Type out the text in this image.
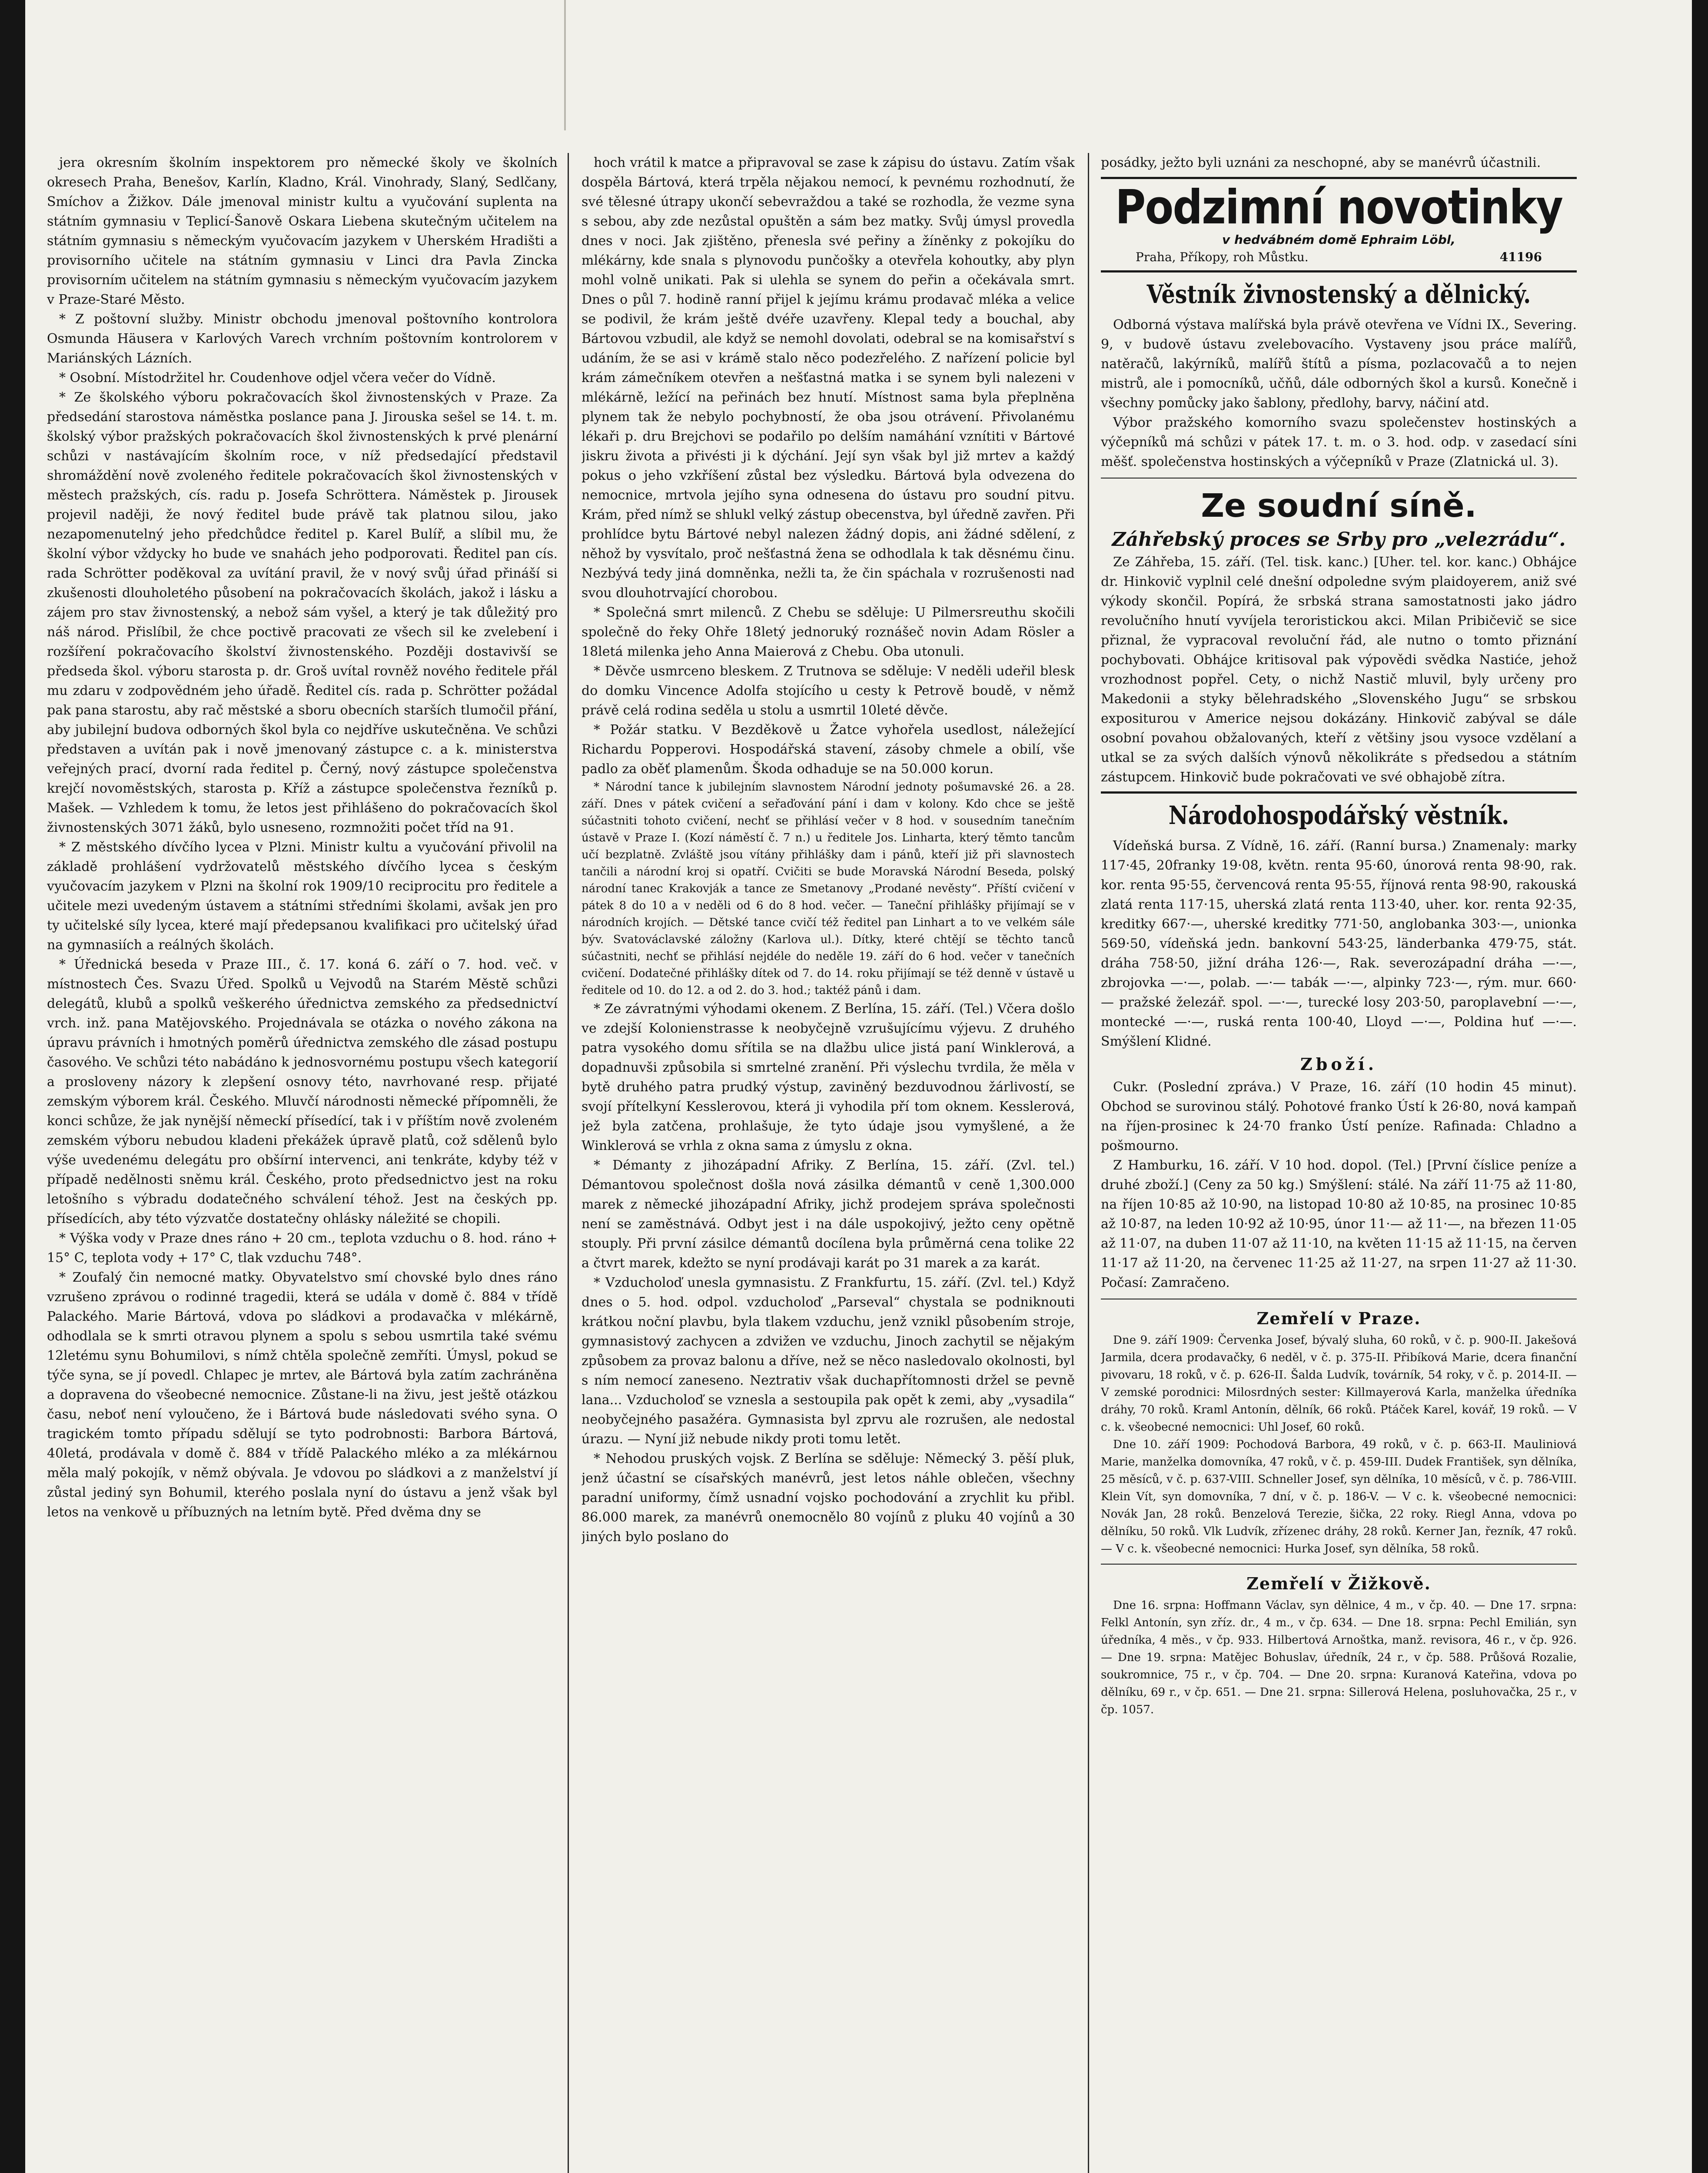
jera okresním školním inspektorem pro německé školy ve školních okresech Praha, Benešov, Karlín, Kladno, Král. Vinohrady, Slaný, Sedlčany, Smíchov a Žižkov. Dále jmenoval ministr kultu a vyučování suplenta na státním gymnasiu v Teplicí-Šanově Oskara Liebena skutečným učitelem na státním gymnasiu s německým vyučovacím jazykem v Uherském Hradišti a provisorního učitele na státním gymnasiu v Linci dra Pavla Zincka provisorním učitelem na státním gymnasiu s německým vyučovacím jazykem v Praze-Staré Město.

* Z poštovní služby. Ministr obchodu jmenoval poštovního kontrolora Osmunda Häusera v Karlových Varech vrchním poštovním kontrolorem v Mariánských Lázních.

* Osobní. Místodržitel hr. Coudenhove odjel včera večer do Vídně.

* Ze školského výboru pokračovacích škol živnostenských v Praze. Za předsedání starostova náměstka poslance pana J. Jirouska sešel se 14. t. m. školský výbor pražských pokračovacích škol živnostenských k prvé plenární schůzi v nastávajícím školním roce, v níž předsedající představil shromáždění nově zvoleného ředitele pokračovacích škol živnostenských v městech pražských, cís. radu p. Josefa Schröttera. Náměstek p. Jirousek projevil naději, že nový ředitel bude právě tak platnou silou, jako nezapomenutelný jeho předchůdce ředitel p. Karel Bulíř, a slíbil mu, že školní výbor vždycky ho bude ve snahách jeho podporovati. Ředitel pan cís. rada Schrötter poděkoval za uvítání pravil, že v nový svůj úřad přináší si zkušenosti dlouholetého působení na pokračovacích školách, jakož i lásku a zájem pro stav živnostenský, a nebož sám vyšel, a který je tak důležitý pro náš národ. Přislíbil, že chce poctivě pracovati ze všech sil ke zvelebení i rozšíření pokračovacího školství živnostenského. Později dostavivší se předseda škol. výboru starosta p. dr. Groš uvítal rovněž nového ředitele přál mu zdaru v zodpovědném jeho úřadě. Ředitel cís. rada p. Schrötter požádal pak pana starostu, aby rač městské a sboru obecních starších tlumočil přání, aby jubilejní budova odborných škol byla co nejdříve uskutečněna. Ve schůzi představen a uvítán pak i nově jmenovaný zástupce c. a k. ministerstva veřejných prací, dvorní rada ředitel p. Černý, nový zástupce společenstva krejčí novoměstských, starosta p. Kříž a zástupce společenstva řezníků p. Mašek. — Vzhledem k tomu, že letos jest přihlášeno do pokračovacích škol živnostenských 3071 žáků, bylo usneseno, rozmnožiti počet tříd na 91.

* Z městského dívčího lycea v Plzni. Ministr kultu a vyučování přivolil na základě prohlášení vydržovatelů městského dívčího lycea s českým vyučovacím jazykem v Plzni na školní rok 1909/10 reciprocitu pro ředitele a učitele mezi uvedeným ústavem a státními středními školami, avšak jen pro ty učitelské síly lycea, které mají předepsanou kvalifikaci pro učitelský úřad na gymnasiích a reálných školách.

* Úřednická beseda v Praze III., č. 17. koná 6. září o 7. hod. več. v místnostech Čes. Svazu Úřed. Spolků u Vejvodů na Starém Městě schůzi delegátů, klubů a spolků veškerého úřednictva zemského za předsednictví vrch. inž. pana Matějovského. Projednávala se otázka o nového zákona na úpravu právních i hmotných poměrů úřednictva zemského dle zásad postupu časového. Ve schůzi této nabádáno k jednosvornému postupu všech kategorií a prosloveny názory k zlepšení osnovy této, navrhované resp. přijaté zemským výborem král. Českého. Mluvčí národnosti německé přípomněli, že konci schůze, že jak nynější německí přísedící, tak i v příštím nově zvoleném zemském výboru nebudou kladeni překážek úpravě platů, což sdělenů bylo výše uvedenému delegátu pro obšírní intervenci, ani tenkráte, kdyby též v případě nedělnosti sněmu král. Českého, proto předsednictvo jest na roku letošního s výbradu dodatečného schválení téhož. Jest na českých pp. přísedících, aby této výzvatče dostatečny ohlásky náležité se chopili.

* Výška vody v Praze dnes ráno + 20 cm., teplota vzduchu o 8. hod. ráno + 15° C, teplota vody + 17° C, tlak vzduchu 748°.

* Zoufalý čin nemocné matky. Obyvatelstvo smí chovské bylo dnes ráno vzrušeno zprávou o rodinné tragedii, která se udála v domě č. 884 v třídě Palackého. Marie Bártová, vdova po sládkovi a prodavačka v mlékárně, odhodlala se k smrti otravou plynem a spolu s sebou usmrtila také svému 12letému synu Bohumilovi, s nímž chtěla společně zemříti. Úmysl, pokud se týče syna, se jí povedl. Chlapec je mrtev, ale Bártová byla zatím zachráněna a dopravena do všeobecné nemocnice. Zůstane-li na živu, jest ještě otázkou času, neboť není vyloučeno, že i Bártová bude následovati svého syna. O tragickém tomto případu sdělují se tyto podrobnosti: Barbora Bártová, 40letá, prodávala v domě č. 884 v třídě Palackého mléko a za mlékárnou měla malý pokojík, v němž obývala. Je vdovou po sládkovi a z manželství jí zůstal jediný syn Bohumil, kterého poslala nyní do ústavu a jenž však byl letos na venkově u příbuzných na letním bytě. Před dvěma dny se

hoch vrátil k matce a připravoval se zase k zápisu do ústavu. Zatím však dospěla Bártová, která trpěla nějakou nemocí, k pevnému rozhodnutí, že své tělesné útrapy ukončí sebevraždou a také se rozhodla, že vezme syna s sebou, aby zde nezůstal opuštěn a sám bez matky. Svůj úmysl provedla dnes v noci. Jak zjištěno, přenesla své peřiny a žíněnky z pokojíku do mlékárny, kde snala s plynovodu punčošky a otevřela kohoutky, aby plyn mohl volně unikati. Pak si ulehla se synem do peřin a očekávala smrt. Dnes o půl 7. hodině ranní přijel k jejímu krámu prodavač mléka a velice se podivil, že krám ještě dvéře uzavřeny. Klepal tedy a bouchal, aby Bártovou vzbudil, ale když se nemohl dovolati, odebral se na komisařství s udáním, že se asi v krámě stalo něco podezřelého. Z nařízení policie byl krám zámečníkem otevřen a nešťastná matka i se synem byli nalezeni v mlékárně, ležící na peřinách bez hnutí. Místnost sama byla přeplněna plynem tak že nebylo pochybností, že oba jsou otrávení. Přivolanému lékaři p. dru Brejchovi se podařilo po delším namáhání vznítiti v Bártové jiskru života a přivésti ji k dýchání. Její syn však byl již mrtev a každý pokus o jeho vzkříšení zůstal bez výsledku. Bártová byla odvezena do nemocnice, mrtvola jejího syna odnesena do ústavu pro soudní pitvu. Krám, před nímž se shlukl velký zástup obecenstva, byl úředně zavřen. Při prohlídce bytu Bártové nebyl nalezen žádný dopis, ani žádné sdělení, z něhož by vysvítalo, proč nešťastná žena se odhodlala k tak děsnému činu. Nezbývá tedy jiná domněnka, nežli ta, že čin spáchala v rozrušenosti nad svou dlouhotrvající chorobou.

* Společná smrt milenců. Z Chebu se sděluje: U Pilmersreuthu skočili společně do řeky Ohře 18letý jednoruký roznášeč novin Adam Rösler a 18letá milenka jeho Anna Maierová z Chebu. Oba utonuli.

* Děvče usmrceno bleskem. Z Trutnova se sděluje: V neděli udeřil blesk do domku Vincence Adolfa stojícího u cesty k Petrově boudě, v němž právě celá rodina seděla u stolu a usmrtil 10leté děvče.

* Požár statku. V Bezděkově u Žatce vyhořela usedlost, náležející Richardu Popperovi. Hospodářská stavení, zásoby chmele a obilí, vše padlo za oběť plamenům. Škoda odhaduje se na 50.000 korun.

* Národní tance k jubilejním slavnostem Národní jednoty pošumavské 26. a 28. září. Dnes v pátek cvičení a seřaďování pání i dam v kolony. Kdo chce se ještě súčastniti tohoto cvičení, nechť se přihlásí večer v 8 hod. v sousedním tanečním ústavě v Praze I. (Kozí náměstí č. 7 n.) u ředitele Jos. Linharta, který těmto tancům učí bezplatně. Zvláště jsou vítány přihlášky dam i pánů, kteří již při slavnostech tančili a národní kroj si opatří. Cvičiti se bude Moravská Národní Beseda, polský národní tanec Krakovják a tance ze Smetanovy „Prodané nevěsty“. Příští cvičení v pátek 8 do 10 a v neděli od 6 do 8 hod. večer. — Taneční přihlášky přijímají se v národních krojích. — Dětské tance cvičí též ředitel pan Linhart a to ve velkém sále býv. Svatováclavské záložny (Karlova ul.). Dítky, které chtějí se těchto tanců súčastniti, nechť se přihlásí nejdéle do neděle 19. září do 6 hod. večer v tanečních cvičení. Dodatečné přihlášky dítek od 7. do 14. roku přijímají se též denně v ústavě u ředitele od 10. do 12. a od 2. do 3. hod.; taktéž pánů i dam.

* Ze závratnými výhodami okenem. Z Berlína, 15. září. (Tel.) Včera došlo ve zdejší Kolonienstrasse k neobyčejně vzrušujícímu výjevu. Z druhého patra vysokého domu sřítila se na dlažbu ulice jistá paní Winklerová, a dopadnuvši způsobila si smrtelné zranění. Při výslechu tvrdila, že měla v bytě druhého patra prudký výstup, zaviněný bezduvodnou žárlivostí, se svojí přítelkyní Kesslerovou, která ji vyhodila pří tom oknem. Kesslerová, jež byla zatčena, prohlašuje, že tyto údaje jsou vymyšlené, a že Winklerová se vrhla z okna sama z úmyslu z okna.

* Démanty z jihozápadní Afriky. Z Berlína, 15. září. (Zvl. tel.) Démantovou společnost došla nová zásilka démantů v ceně 1,300.000 marek z německé jihozápadní Afriky, jichž prodejem správa společnosti není se zaměstnává. Odbyt jest i na dále uspokojivý, ježto ceny opětně stouply. Při první zásilce démantů docílena byla průměrná cena tolike 22 a čtvrt marek, kdežto se nyní prodávaji karát po 31 marek a za karát.

* Vzducholoď unesla gymnasistu. Z Frankfurtu, 15. září. (Zvl. tel.) Když dnes o 5. hod. odpol. vzducholoď „Parseval“ chystala se podniknouti krátkou noční plavbu, byla tlakem vzduchu, jenž vznikl působením stroje, gymnasistový zachycen a zdvižen ve vzduchu, Jinoch zachytil se nějakým způsobem za provaz balonu a dříve, než se něco nasledovalo okolnosti, byl s ním nemocí zaneseno. Neztrativ však duchapřítomnosti držel se pevně lana... Vzducholoď se vznesla a sestoupila pak opět k zemi, aby „vysadila“ neobyčejného pasažéra. Gymnasista byl zprvu ale rozrušen, ale nedostal úrazu. — Nyní již nebude nikdy proti tomu letět.

* Nehodou pruských vojsk. Z Berlína se sděluje: Německý 3. pěší pluk, jenž účastní se císařských manévrů, jest letos náhle oblečen, všechny paradní uniformy, čímž usnadní vojsko pochodování a zrychlit ku přibl. 86.000 marek, za manévrů onemocnělo 80 vojínů z pluku 40 vojínů a 30 jiných bylo poslano do

posádky, ježto byli uznáni za neschopné, aby se manévrů účastnili.

Podzimní novotinky
v hedvábném domě Ephraim Löbl,
Praha, Příkopy, roh Můstku.	41196
Věstník živnostenský a dělnický.

Odborná výstava malířská byla právě otevřena ve Vídni IX., Severing. 9, v budově ústavu zvelebovacího. Vystaveny jsou práce malířů, natěračů, lakýrníků, malířů štítů a písma, pozlacovačů a to nejen mistrů, ale i pomocníků, učňů, dále odborných škol a kursů. Konečně i všechny pomůcky jako šablony, předlohy, barvy, náčiní atd.

Výbor pražského komorního svazu společenstev hostinských a výčepníků má schůzi v pátek 17. t. m. o 3. hod. odp. v zasedací síni měšť. společenstva hostinských a výčepníků v Praze (Zlatnická ul. 3).

Ze soudní síně.
Záhřebský proces se Srby pro „velezrádu“.

Ze Záhřeba, 15. září. (Tel. tisk. kanc.) [Uher. tel. kor. kanc.) Obhájce dr. Hinkovič vyplnil celé dnešní odpoledne svým plaidoyerem, aniž své výkody skončil. Popírá, že srbská strana samostatnosti jako jádro revolučního hnutí vyvíjela teroristickou akci. Milan Pribičevič se sice přiznal, že vypracoval revoluční řád, ale nutno o tomto přiznání pochybovati. Obhájce kritisoval pak výpovědi svědka Nastiće, jehož vrozhodnost popřel. Cety, o nichž Nastič mluvil, byly určeny pro Makedonii a styky bělehradského „Slovenského Jugu“ se srbskou expositurou v Americe nejsou dokázány. Hinkovič zabýval se dále osobní povahou obžalovaných, kteří z většiny jsou vysoce vzdělaní a utkal se za svých dalších výnovů několikráte s předsedou a státním zástupcem. Hinkovič bude pokračovati ve své obhajobě zítra.

Národohospodářský věstník.

Vídeňská bursa. Z Vídně, 16. září. (Ranní bursa.) Znamenaly: marky 117·45, 20franky 19·08, květn. renta 95·60, únorová renta 98·90, rak. kor. renta 95·55, červencová renta 95·55, říjnová renta 98·90, rakouská zlatá renta 117·15, uherská zlatá renta 113·40, uher. kor. renta 92·35, kreditky 667·—, uherské kreditky 771·50, anglobanka 303·—, unionka 569·50, vídeňská jedn. bankovní 543·25, länderbanka 479·75, stát. dráha 758·50, jižní dráha 126·—, Rak. severozápadní dráha —·—, zbrojovka —·—, polab. —·— tabák —·—, alpinky 723·—, rým. mur. 660·— pražské železář. spol. —·—, turecké losy 203·50, paroplavební —·—, montecké —·—, ruská renta 100·40, Lloyd —·—, Poldina huť —·—. Smýšlení Klidné.

Zboží.

Cukr. (Poslední zpráva.) V Praze, 16. září (10 hodin 45 minut). Obchod se surovinou stálý. Pohotové franko Ústí k 26·80, nová kampaň na říjen-prosinec k 24·70 franko Ústí peníze. Rafinada: Chladno a pošmourno.

Z Hamburku, 16. září. V 10 hod. dopol. (Tel.) [První číslice peníze a druhé zboží.] (Ceny za 50 kg.) Smýšlení: stálé. Na září 11·75 až 11·80, na říjen 10·85 až 10·90, na listopad 10·80 až 10·85, na prosinec 10·85 až 10·87, na leden 10·92 až 10·95, únor 11·— až 11·—, na březen 11·05 až 11·07, na duben 11·07 až 11·10, na květen 11·15 až 11·15, na červen 11·17 až 11·20, na červenec 11·25 až 11·27, na srpen 11·27 až 11·30. Počasí: Zamračeno.

Zemřelí v Praze.

Dne 9. září 1909: Červenka Josef, bývalý sluha, 60 roků, v č. p. 900-II. Jakešová Jarmila, dcera prodavačky, 6 neděl, v č. p. 375-II. Přibíková Marie, dcera finanční pivovaru, 18 roků, v č. p. 626-II. Šalda Ludvík, továrník, 54 roky, v č. p. 2014-II. — V zemské porodnici: Milosrdných sester: Killmayerová Karla, manželka úředníka dráhy, 70 roků. Kraml Antonín, dělník, 66 roků. Ptáček Karel, kovář, 19 roků. — V c. k. všeobecné nemocnici: Uhl Josef, 60 roků.

Dne 10. září 1909: Pochodová Barbora, 49 roků, v č. p. 663-II. Mauliniová Marie, manželka domovníka, 47 roků, v č. p. 459-III. Dudek František, syn dělníka, 25 měsíců, v č. p. 637-VIII. Schneller Josef, syn dělníka, 10 měsíců, v č. p. 786-VIII. Klein Vít, syn domovníka, 7 dní, v č. p. 186-V. — V c. k. všeobecné nemocnici: Novák Jan, 28 roků. Benzelová Terezie, šička, 22 roky. Riegl Anna, vdova po dělníku, 50 roků. Vlk Ludvík, zřízenec dráhy, 28 roků. Kerner Jan, řezník, 47 roků. — V c. k. všeobecné nemocnici: Hurka Josef, syn dělníka, 58 roků.

Zemřelí v Žižkově.

Dne 16. srpna: Hoffmann Václav, syn dělnice, 4 m., v čp. 40. — Dne 17. srpna: Felkl Antonín, syn zříz. dr., 4 m., v čp. 634. — Dne 18. srpna: Pechl Emilián, syn úředníka, 4 měs., v čp. 933. Hilbertová Arnoštka, manž. revisora, 46 r., v čp. 926. — Dne 19. srpna: Matějec Bohuslav, úředník, 24 r., v čp. 588. Průšová Rozalie, soukromnice, 75 r., v čp. 704. — Dne 20. srpna: Kuranová Kateřina, vdova po dělníku, 69 r., v čp. 651. — Dne 21. srpna: Sillerová Helena, posluhovačka, 25 r., v čp. 1057.
